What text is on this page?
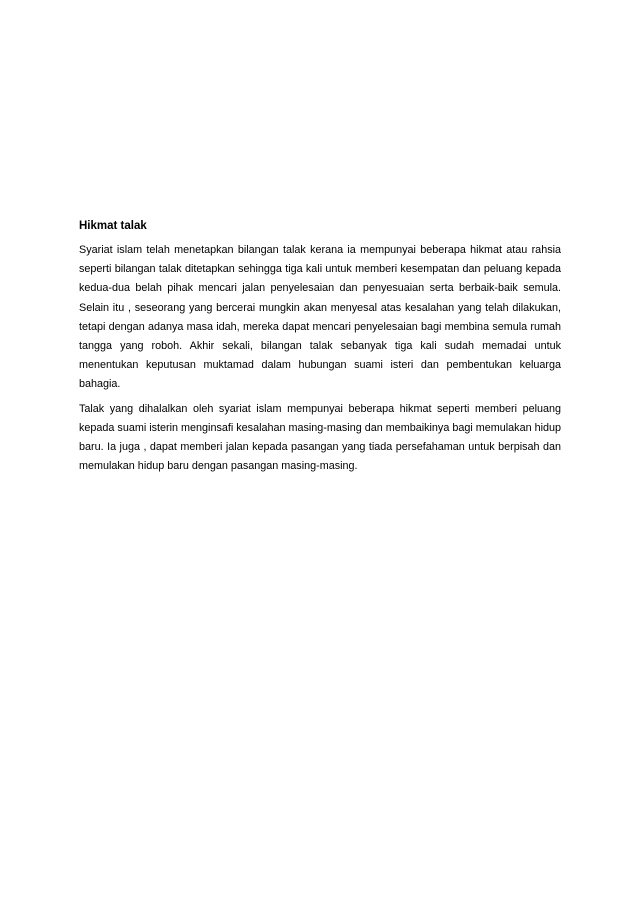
Hikmat talak

Syariat islam telah menetapkan bilangan talak kerana ia mempunyai beberapa hikmat atau rahsia seperti bilangan talak ditetapkan sehingga tiga kali untuk memberi kesempatan dan peluang kepada kedua-dua belah pihak mencari jalan penyelesaian dan penyesuaian serta berbaik-baik semula. Selain itu , seseorang yang bercerai mungkin akan menyesal atas kesalahan yang telah dilakukan, tetapi dengan adanya masa idah, mereka dapat mencari penyelesaian bagi membina semula rumah tangga yang roboh. Akhir sekali, bilangan talak sebanyak tiga kali sudah memadai untuk menentukan keputusan muktamad dalam hubungan suami isteri dan pembentukan keluarga bahagia.

Talak yang dihalalkan oleh syariat islam mempunyai beberapa hikmat seperti memberi peluang kepada suami isterin menginsafi kesalahan masing-masing dan membaikinya bagi memulakan hidup baru. Ia juga , dapat memberi jalan kepada pasangan yang tiada persefahaman untuk berpisah dan memulakan hidup baru dengan pasangan masing-masing.
